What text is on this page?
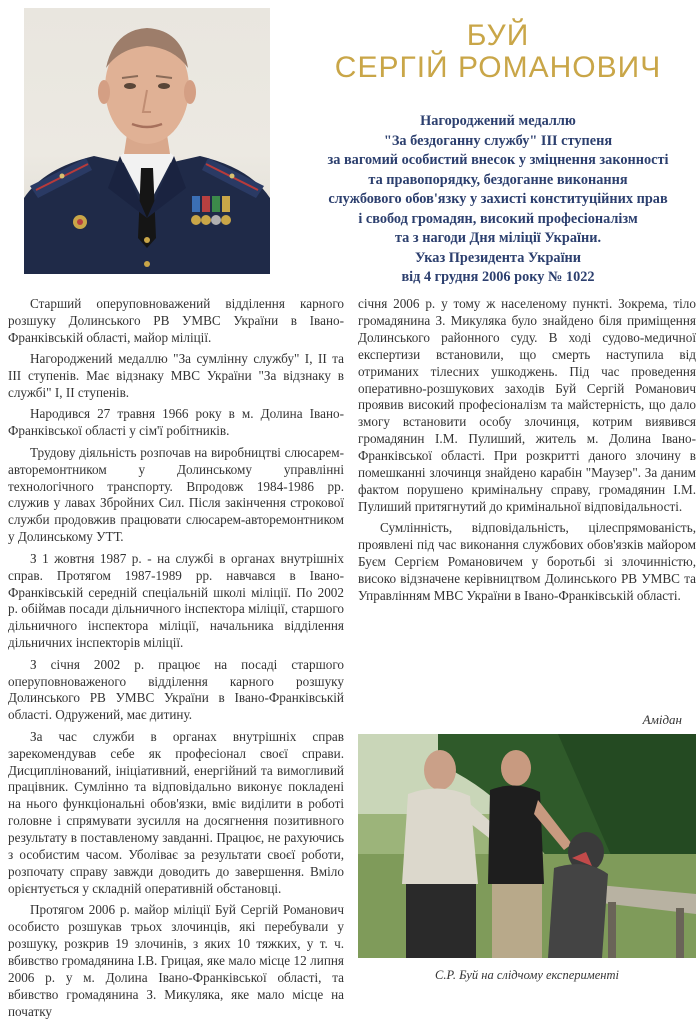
БУЙ
СЕРГІЙ РОМАНОВИЧ
Нагороджений медаллю
"За бездоганну службу" III ступеня
за вагомий особистий внесок у зміцнення законності
та правопорядку, бездоганне виконання
службового обов'язку у захисті конституційних прав
і свобод громадян, високий професіоналізм
та з нагоди Дня міліції України.
Указ Президента України
від 4 грудня 2006 року № 1022

Старший оперуповноважений відділення карного розшуку Долинського РВ УМВС України в Івано-Франківській області, майор міліції.

Нагороджений медаллю "За сумлінну службу" I, II та III ступенів. Має відзнаку МВС України "За відзнаку в службі" I, II ступенів.

Народився 27 травня 1966 року в м. Долина Івано-Франківської області у сім'ї робітників.

Трудову діяльність розпочав на виробництві слюсарем-авторемонтником у Долинському управлінні технологічного транспорту. Впродовж 1984-1986 рр. служив у лавах Збройних Сил. Після закінчення строкової служби продовжив працювати слюсарем-авторемонтником у Долинському УТТ.

З 1 жовтня 1987 р. - на службі в органах внутрішніх справ. Протягом 1987-1989 рр. навчався в Івано-Франківській середній спеціальній школі міліції. По 2002 р. обіймав посади дільничного інспектора міліції, старшого дільничного інспектора міліції, начальника відділення дільничних інспекторів міліції.

З січня 2002 р. працює на посаді старшого оперуповноваженого відділення карного розшуку Долинського РВ УМВС України в Івано-Франківській області. Одружений, має дитину.

За час служби в органах внутрішніх справ зарекомендував себе як професіонал своєї справи. Дисциплінований, ініціативний, енергійний та вимогливий працівник. Сумлінно та відповідально виконує покладені на нього функціональні обов'язки, вміє виділити в роботі головне і спрямувати зусилля на досягнення позитивного результату в поставленому завданні. Працює, не рахуючись з особистим часом. Уболіває за результати своєї роботи, розпочату справу завжди доводить до завершення. Вміло орієнтується у складній оперативній обстановці.

Протягом 2006 р. майор міліції Буй Сергій Романович особисто розшукав трьох злочинців, які перебували у розшуку, розкрив 19 злочинів, з яких 10 тяжких, у т. ч. вбивство громадянина І.В. Грицая, яке мало місце 12 липня 2006 р. у м. Долина Івано-Франківської області, та вбивство громадянина З. Микуляка, яке мало місце на початку

січня 2006 р. у тому ж населеному пункті. Зокрема, тіло громадянина З. Микуляка було знайдено біля приміщення Долинського районного суду. В ході судово-медичної експертизи встановили, що смерть наступила від отриманих тілесних ушкоджень. Під час проведення оперативно-розшукових заходів Буй Сергій Романович проявив високий професіоналізм та майстерність, що дало змогу встановити особу злочинця, котрим виявився громадянин І.М. Пулиший, житель м. Долина Івано-Франківської області. При розкритті даного злочину в помешканні злочинця знайдено карабін "Маузер". За даним фактом порушено кримінальну справу, громадянин І.М. Пулиший притягнутий до кримінальної відповідальності.

Сумлінність, відповідальність, цілеспрямованість, проявлені під час виконання службових обов'язків майором Буєм Сергієм Романовичем у боротьбі зі злочинністю, високо відзначене керівництвом Долинського РВ УМВС та Управлінням МВС України в Івано-Франківській області.

Амідан
С.Р. Буй на слідчому експерименті
